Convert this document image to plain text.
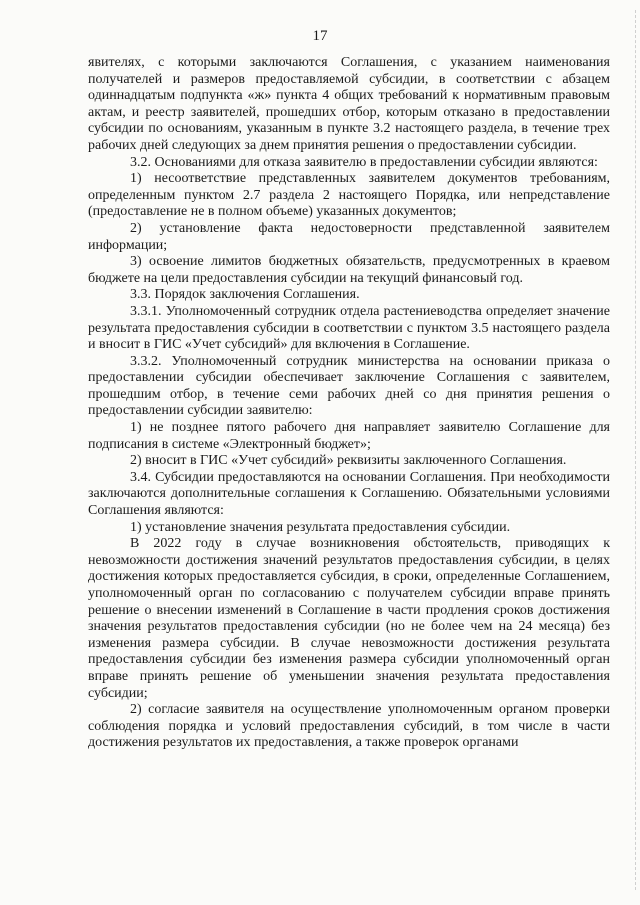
17

явителях, с которыми заключаются Соглашения, с указанием наименования получателей и размеров предоставляемой субсидии, в соответствии с абзацем одиннадцатым подпункта «ж» пункта 4 общих требований к нормативным правовым актам, и реестр заявителей, прошедших отбор, которым отказано в предоставлении субсидии по основаниям, указанным в пункте 3.2 настоящего раздела, в течение трех рабочих дней следующих за днем принятия решения о предоставлении субсидии.

3.2. Основаниями для отказа заявителю в предоставлении субсидии являются:

1) несоответствие представленных заявителем документов требованиям, определенным пунктом 2.7 раздела 2 настоящего Порядка, или непредставление (предоставление не в полном объеме) указанных документов;

2) установление факта недостоверности представленной заявителем информации;

3) освоение лимитов бюджетных обязательств, предусмотренных в краевом бюджете на цели предоставления субсидии на текущий финансовый год.

3.3. Порядок заключения Соглашения.

3.3.1. Уполномоченный сотрудник отдела растениеводства определяет значение результата предоставления субсидии в соответствии с пунктом 3.5 настоящего раздела и вносит в ГИС «Учет субсидий» для включения в Соглашение.

3.3.2. Уполномоченный сотрудник министерства на основании приказа о предоставлении субсидии обеспечивает заключение Соглашения с заявителем, прошедшим отбор, в течение семи рабочих дней со дня принятия решения о предоставлении субсидии заявителю:

1) не позднее пятого рабочего дня направляет заявителю Соглашение для подписания в системе «Электронный бюджет»;

2) вносит в ГИС «Учет субсидий» реквизиты заключенного Соглашения.

3.4. Субсидии предоставляются на основании Соглашения. При необходимости заключаются дополнительные соглашения к Соглашению. Обязательными условиями Соглашения являются:

1) установление значения результата предоставления субсидии.

В 2022 году в случае возникновения обстоятельств, приводящих к невозможности достижения значений результатов предоставления субсидии, в целях достижения которых предоставляется субсидия, в сроки, определенные Соглашением, уполномоченный орган по согласованию с получателем субсидии вправе принять решение о внесении изменений в Соглашение в части продления сроков достижения значения результатов предоставления субсидии (но не более чем на 24 месяца) без изменения размера субсидии. В случае невозможности достижения результата предоставления субсидии без изменения размера субсидии уполномоченный орган вправе принять решение об уменьшении значения результата предоставления субсидии;

2) согласие заявителя на осуществление уполномоченным органом проверки соблюдения порядка и условий предоставления субсидий, в том числе в части достижения результатов их предоставления, а также проверок органами
